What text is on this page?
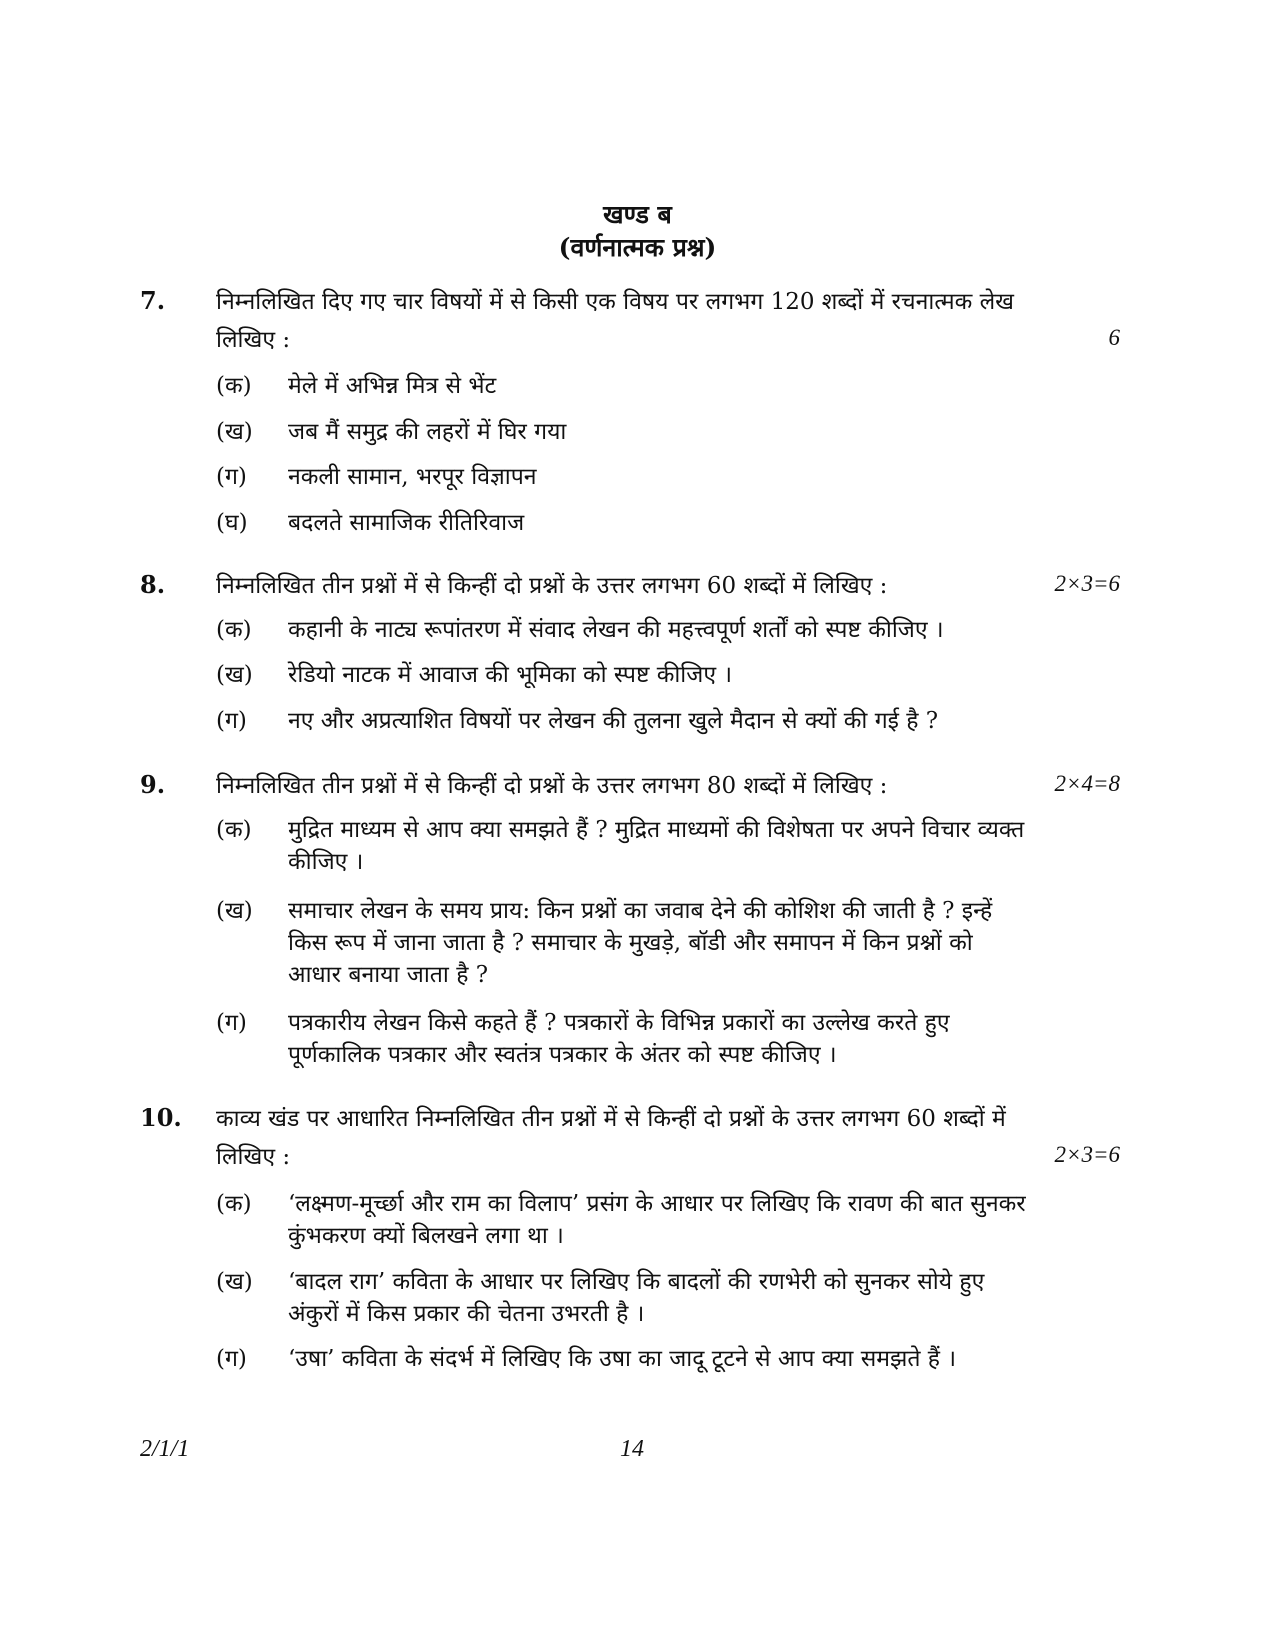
खण्ड ब
(वर्णनात्मक प्रश्न)
7. निम्नलिखित दिए गए चार विषयों में से किसी एक विषय पर लगभग 120 शब्दों में रचनात्मक लेख लिखिए :	6
(क)	मेले में अभिन्न मित्र से भेंट
(ख)	जब मैं समुद्र की लहरों में घिर गया
(ग)	नकली सामान, भरपूर विज्ञापन
(घ)	बदलते सामाजिक रीतिरिवाज
8. निम्नलिखित तीन प्रश्नों में से किन्हीं दो प्रश्नों के उत्तर लगभग 60 शब्दों में लिखिए :	2×3=6
(क)	कहानी के नाट्य रूपांतरण में संवाद लेखन की महत्त्वपूर्ण शर्तों को स्पष्ट कीजिए ।
(ख)	रेडियो नाटक में आवाज की भूमिका को स्पष्ट कीजिए ।
(ग)	नए और अप्रत्याशित विषयों पर लेखन की तुलना खुले मैदान से क्यों की गई है ?
9. निम्नलिखित तीन प्रश्नों में से किन्हीं दो प्रश्नों के उत्तर लगभग 80 शब्दों में लिखिए :	2×4=8
(क)	मुद्रित माध्यम से आप क्या समझते हैं ? मुद्रित माध्यमों की विशेषता पर अपने विचार व्यक्त कीजिए ।
(ख)	समाचार लेखन के समय प्राय: किन प्रश्नों का जवाब देने की कोशिश की जाती है ? इन्हें किस रूप में जाना जाता है ? समाचार के मुखड़े, बॉडी और समापन में किन प्रश्नों को आधार बनाया जाता है ?
(ग)	पत्रकारीय लेखन किसे कहते हैं ? पत्रकारों के विभिन्न प्रकारों का उल्लेख करते हुए पूर्णकालिक पत्रकार और स्वतंत्र पत्रकार के अंतर को स्पष्ट कीजिए ।
10. काव्य खंड पर आधारित निम्नलिखित तीन प्रश्नों में से किन्हीं दो प्रश्नों के उत्तर लगभग 60 शब्दों में लिखिए :	2×3=6
(क)	‘लक्ष्मण-मूर्च्छा और राम का विलाप’ प्रसंग के आधार पर लिखिए कि रावण की बात सुनकर कुंभकरण क्यों बिलखने लगा था ।
(ख)	‘बादल राग’ कविता के आधार पर लिखिए कि बादलों की रणभेरी को सुनकर सोये हुए अंकुरों में किस प्रकार की चेतना उभरती है ।
(ग)	‘उषा’ कविता के संदर्भ में लिखिए कि उषा का जादू टूटने से आप क्या समझते हैं ।
2/1/1	14
